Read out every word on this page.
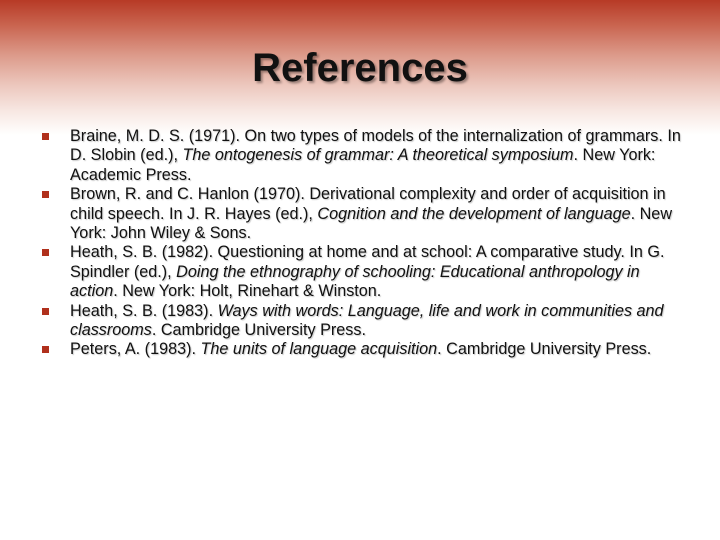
References
Braine, M. D. S. (1971). On two types of models of the internalization of grammars. In D. Slobin (ed.), The ontogenesis of grammar: A theoretical symposium. New York: Academic Press.
Brown, R. and C. Hanlon (1970). Derivational complexity and order of acquisition in child speech. In J. R. Hayes (ed.), Cognition and the development of language. New York: John Wiley & Sons.
Heath, S. B. (1982). Questioning at home and at school: A comparative study. In G. Spindler (ed.), Doing the ethnography of schooling: Educational anthropology in action. New York: Holt, Rinehart & Winston.
Heath, S. B. (1983). Ways with words: Language, life and work in communities and classrooms. Cambridge University Press.
Peters, A. (1983). The units of language acquisition. Cambridge University Press.
